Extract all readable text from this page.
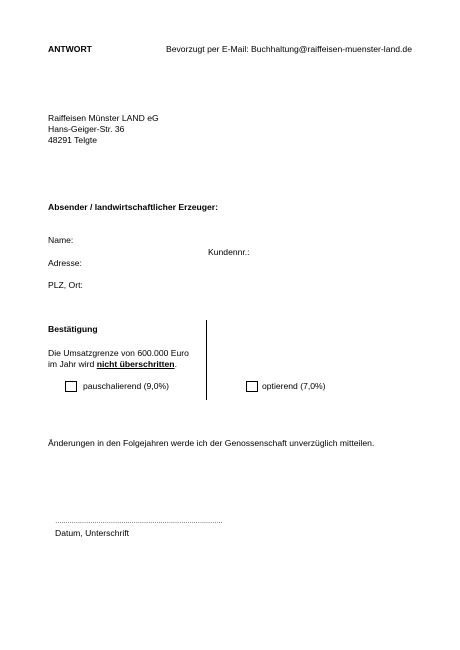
ANTWORT	Bevorzugt per E-Mail: Buchhaltung@raiffeisen-muenster-land.de
Raiffeisen Münster LAND eG
Hans-Geiger-Str. 36
48291 Telgte
Absender / landwirtschaftlicher Erzeuger:
Name:
Kundennr.:
Adresse:
PLZ, Ort:
Bestätigung
Die Umsatzgrenze von 600.000 Euro
im Jahr wird nicht überschritten.
pauschalierend (9,0%)	optierend (7,0%)
Änderungen in den Folgejahren werde ich der Genossenschaft unverzüglich mitteilen.
………………………………………………………………………
Datum, Unterschrift
